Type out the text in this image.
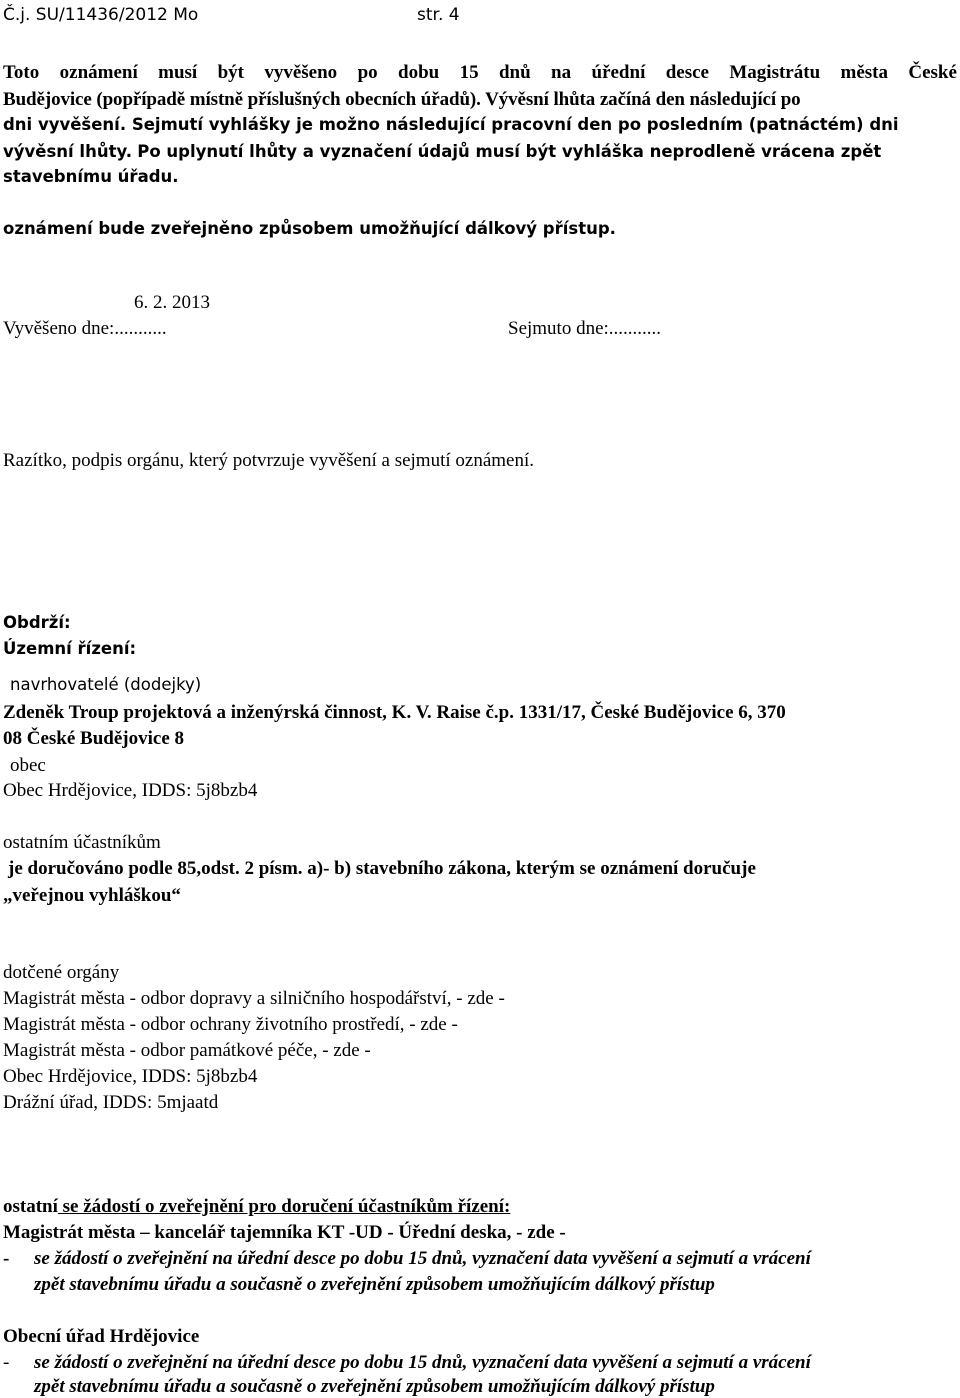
Č.j. SU/11436/2012 Mo	str. 4
Toto oznámení musí být vyvěšeno po dobu 15 dnů na úřední desce Magistrátu města České
Budějovice (popřípadě místně příslušných obecních úřadů). Vývěsní lhůta začíná den následující po
dni vyvěšení. Sejmutí vyhlášky je možno následující pracovní den po posledním (patnáctém) dni
vývěsní lhůty. Po uplynutí lhůty a vyznačení údajů musí být vyhláška neprodleně vrácena zpět
stavebnímu úřadu.
oznámení bude zveřejněno způsobem umožňující dálkový přístup.
6. 2. 2013
Vyvěšeno dne:...........	Sejmuto dne:...........
Razítko, podpis orgánu, který potvrzuje vyvěšení a sejmutí oznámení.
Obdrží:
Územní řízení:
navrhovatelé (dodejky)
Zdeněk Troup projektová a inženýrská činnost, K. V. Raise č.p. 1331/17, České Budějovice 6, 370
08 České Budějovice 8
obec
Obec Hrdějovice, IDDS: 5j8bzb4
ostatním účastníkům
je doručováno podle 85,odst. 2 písm. a)- b) stavebního zákona, kterým se oznámení doručuje
„veřejnou vyhláškou“
dotčené orgány
Magistrát města - odbor dopravy a silničního hospodářství, - zde -
Magistrát města - odbor ochrany životního prostředí, - zde -
Magistrát města - odbor památkové péče, - zde -
Obec Hrdějovice, IDDS: 5j8bzb4
Drážní úřad, IDDS: 5mjaatd
ostatní se žádostí o zveřejnění pro doručení účastníkům řízení:
Magistrát města – kancelář tajemníka KT -UD - Úřední deska, - zde -
- se žádostí o zveřejnění na úřední desce po dobu 15 dnů, vyznačení data vyvěšení a sejmutí a vrácení
zpět stavebnímu úřadu a současně o zveřejnění způsobem umožňujícím dálkový přístup
Obecní úřad Hrdějovice
- se žádostí o zveřejnění na úřední desce po dobu 15 dnů, vyznačení data vyvěšení a sejmutí a vrácení
zpět stavebnímu úřadu a současně o zveřejnění způsobem umožňujícím dálkový přístup
